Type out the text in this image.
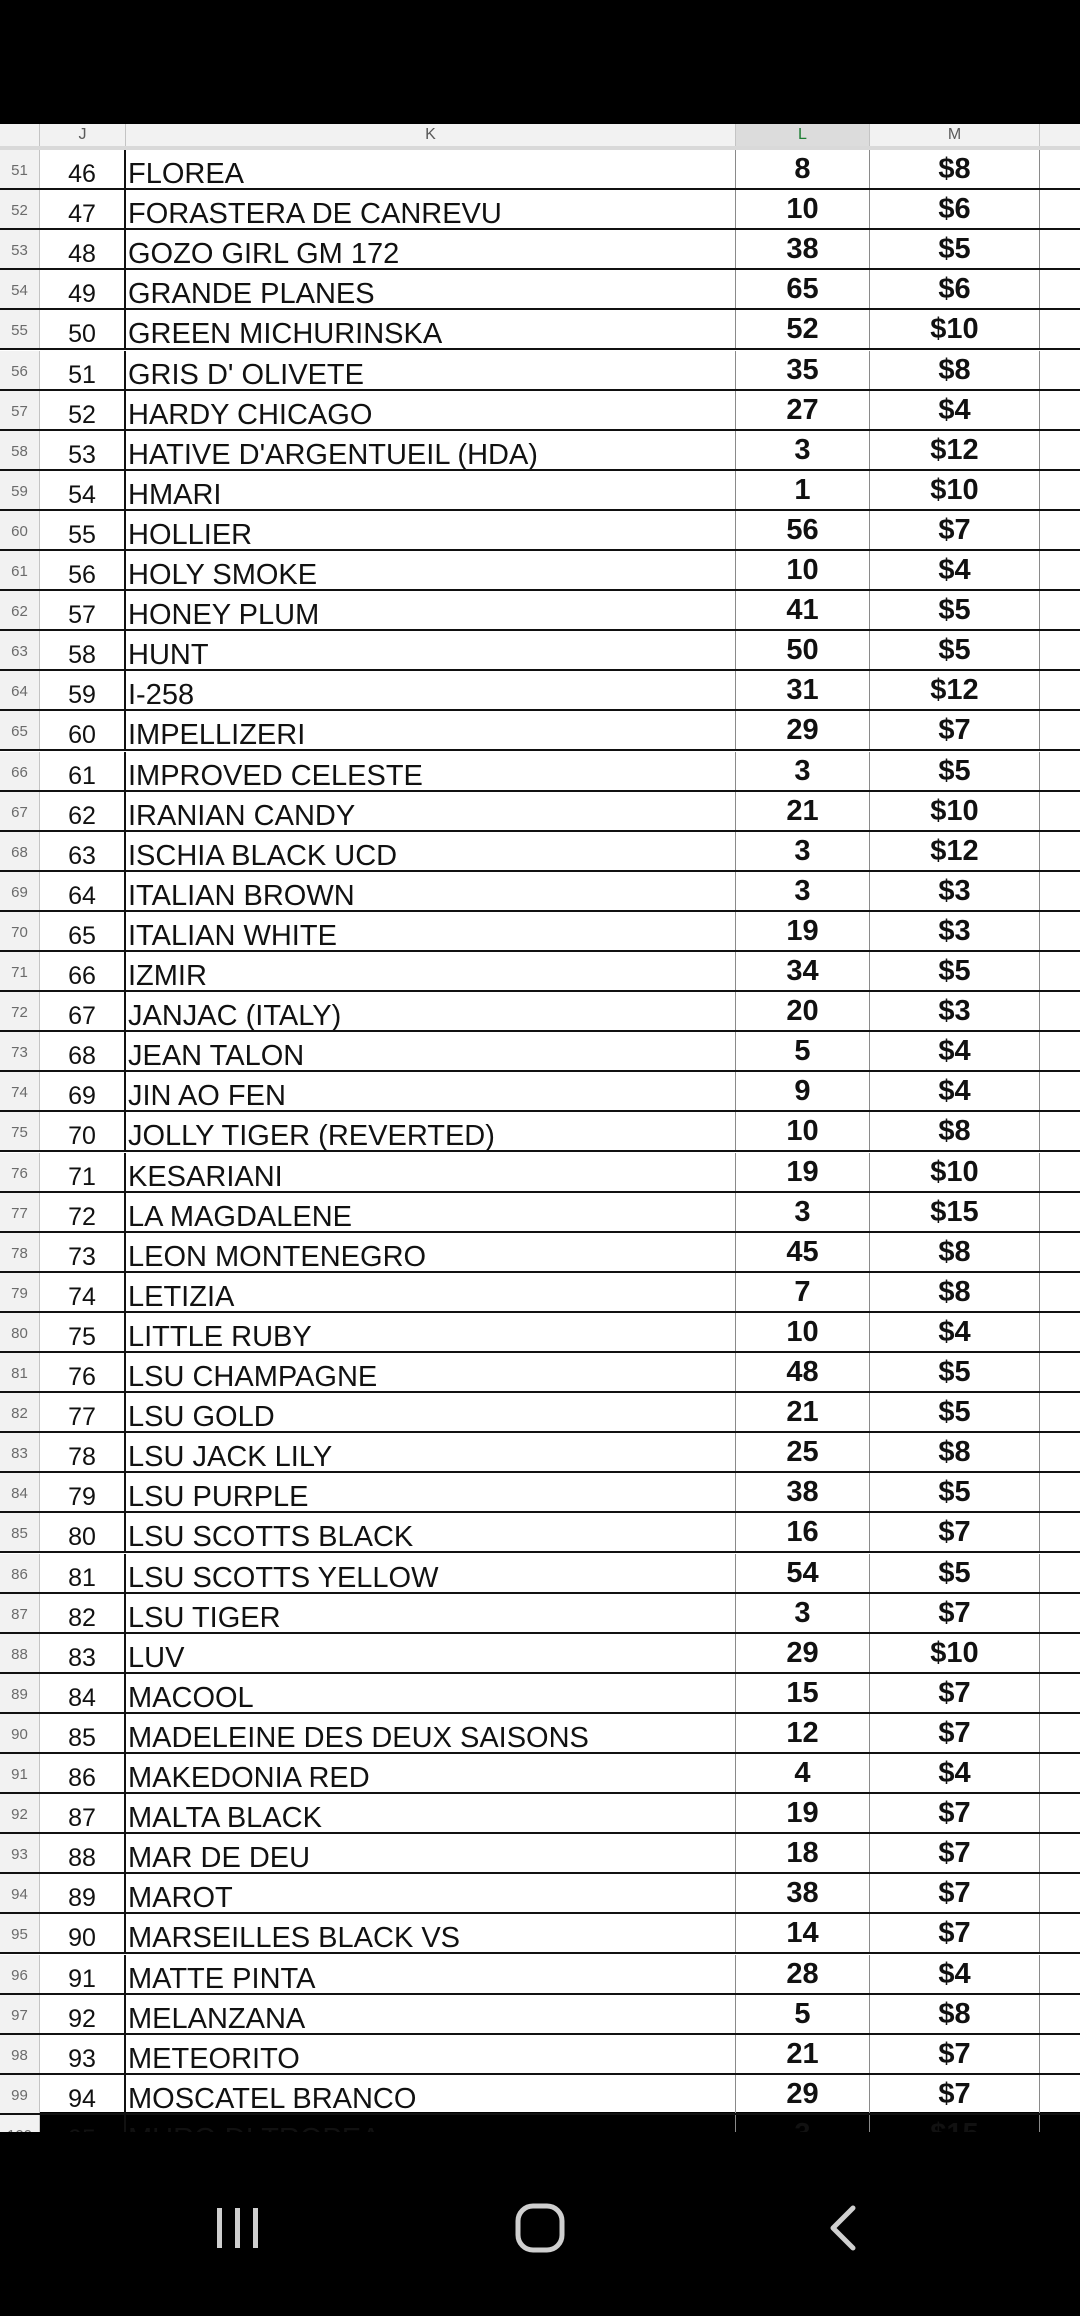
J	K	L	M
51	46	FLOREA	8	$8
52	47	FORASTERA DE CANREVU	10	$6
53	48	GOZO GIRL GM 172	38	$5
54	49	GRANDE PLANES	65	$6
55	50	GREEN MICHURINSKA	52	$10
56	51	GRIS D' OLIVETE	35	$8
57	52	HARDY CHICAGO	27	$4
58	53	HATIVE D'ARGENTUEIL (HDA)	3	$12
59	54	HMARI	1	$10
60	55	HOLLIER	56	$7
61	56	HOLY SMOKE	10	$4
62	57	HONEY PLUM	41	$5
63	58	HUNT	50	$5
64	59	I-258	31	$12
65	60	IMPELLIZERI	29	$7
66	61	IMPROVED CELESTE	3	$5
67	62	IRANIAN CANDY	21	$10
68	63	ISCHIA BLACK UCD	3	$12
69	64	ITALIAN BROWN	3	$3
70	65	ITALIAN WHITE	19	$3
71	66	IZMIR	34	$5
72	67	JANJAC (ITALY)	20	$3
73	68	JEAN TALON	5	$4
74	69	JIN AO FEN	9	$4
75	70	JOLLY TIGER (REVERTED)	10	$8
76	71	KESARIANI	19	$10
77	72	LA MAGDALENE	3	$15
78	73	LEON MONTENEGRO	45	$8
79	74	LETIZIA	7	$8
80	75	LITTLE RUBY	10	$4
81	76	LSU CHAMPAGNE	48	$5
82	77	LSU GOLD	21	$5
83	78	LSU JACK LILY	25	$8
84	79	LSU PURPLE	38	$5
85	80	LSU SCOTTS BLACK	16	$7
86	81	LSU SCOTTS YELLOW	54	$5
87	82	LSU TIGER	3	$7
88	83	LUV	29	$10
89	84	MACOOL	15	$7
90	85	MADELEINE DES DEUX SAISONS	12	$7
91	86	MAKEDONIA RED	4	$4
92	87	MALTA BLACK	19	$7
93	88	MAR DE DEU	18	$7
94	89	MAROT	38	$7
95	90	MARSEILLES BLACK VS	14	$7
96	91	MATTE PINTA	28	$4
97	92	MELANZANA	5	$8
98	93	METEORITO	21	$7
99	94	MOSCATEL BRANCO	29	$7
